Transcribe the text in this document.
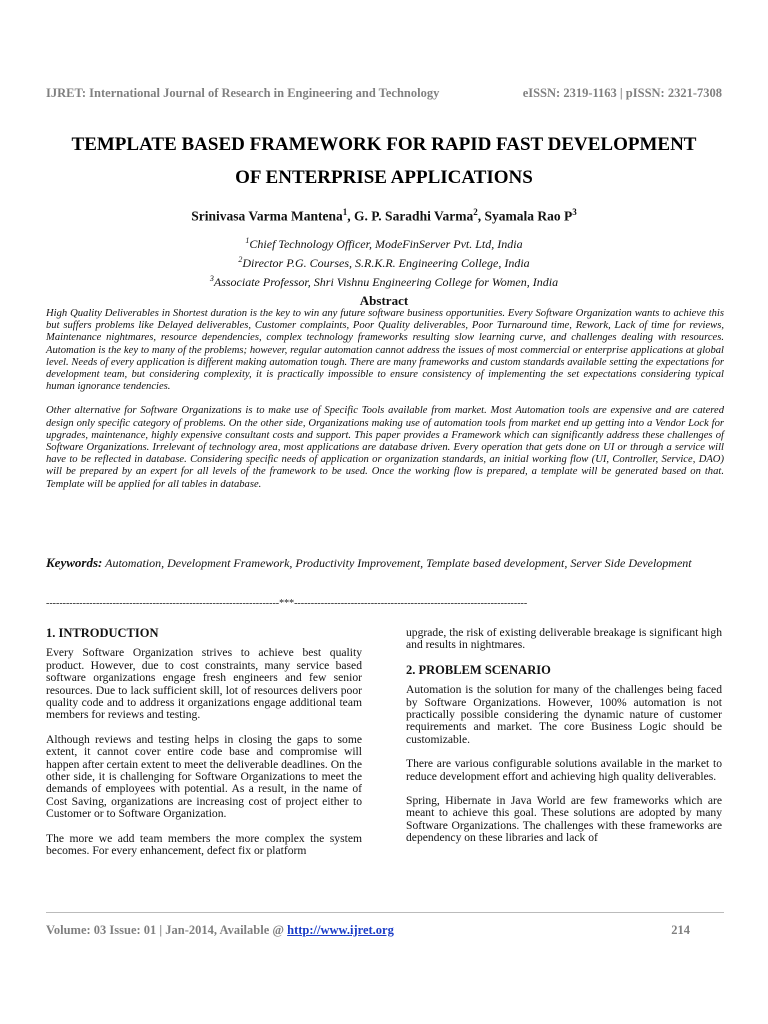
IJRET: International Journal of Research in Engineering and Technology	eISSN: 2319-1163 | pISSN: 2321-7308
TEMPLATE BASED FRAMEWORK FOR RAPID FAST DEVELOPMENT
OF ENTERPRISE APPLICATIONS
Srinivasa Varma Mantena$^1$, G. P. Saradhi Varma$^2$, Syamala Rao $P^3$
$^1$Chief Technology Officer, ModeFinServer Pvt. Ltd, India
$^2$Director P.G. Courses, S.R.K.R. Engineering College, India
$^3$Associate Professor, Shri Vishnu Engineering College for Women, India
Abstract

High Quality Deliverables in Shortest duration is the key to win any future software business opportunities. Every Software Organization wants to achieve this but suffers problems like Delayed deliverables, Customer complaints, Poor Quality deliverables, Poor Turnaround time, Rework, Lack of time for reviews, Maintenance nightmares, resource dependencies, complex technology frameworks resulting slow learning curve, and challenges dealing with resources. Automation is the key to many of the problems; however, regular automation cannot address the issues of most commercial or enterprise applications at global level. Needs of every application is different making automation tough. There are many frameworks and custom standards available setting the expectations for development team, but considering complexity, it is practically impossible to ensure consistency of implementing the set expectations considering typical human ignorance tendencies.

Other alternative for Software Organizations is to make use of Specific Tools available from market. Most Automation tools are expensive and are catered design only specific category of problems. On the other side, Organizations making use of automation tools from market end up getting into a Vendor Lock for upgrades, maintenance, highly expensive consultant costs and support. This paper provides a Framework which can significantly address these challenges of Software Organizations. Irrelevant of technology area, most applications are database driven. Every operation that gets done on UI or through a service will have to be reflected in database. Considering specific needs of application or organization standards, an initial working flow (UI, Controller, Service, DAO) will be prepared by an expert for all levels of the framework to be used. Once the working flow is prepared, a template will be generated based on that. Template will be applied for all tables in database.

Keywords: Automation, Development Framework, Productivity Improvement, Template based development, Server Side Development
----------------------------------------------------------------------***----------------------------------------------------------------------
1. INTRODUCTION

Every Software Organization strives to achieve best quality product. However, due to cost constraints, many service based software organizations engage fresh engineers and few senior resources. Due to lack sufficient skill, lot of resources delivers poor quality code and to address it organizations engage additional team members for reviews and testing.

Although reviews and testing helps in closing the gaps to some extent, it cannot cover entire code base and compromise will happen after certain extent to meet the deliverable deadlines. On the other side, it is challenging for Software Organizations to meet the demands of employees with potential. As a result, in the name of Cost Saving, organizations are increasing cost of project either to Customer or to Software Organization.

The more we add team members the more complex the system becomes. For every enhancement, defect fix or platform

upgrade, the risk of existing deliverable breakage is significant high and results in nightmares.

2. PROBLEM SCENARIO

Automation is the solution for many of the challenges being faced by Software Organizations. However, 100% automation is not practically possible considering the dynamic nature of customer requirements and market. The core Business Logic should be customizable.

There are various configurable solutions available in the market to reduce development effort and achieving high quality deliverables.

Spring, Hibernate in Java World are few frameworks which are meant to achieve this goal. These solutions are adopted by many Software Organizations. The challenges with these frameworks are dependency on these libraries and lack of

Volume: 03 Issue: 01 | Jan-2014, Available @ http://www.ijret.org	214
